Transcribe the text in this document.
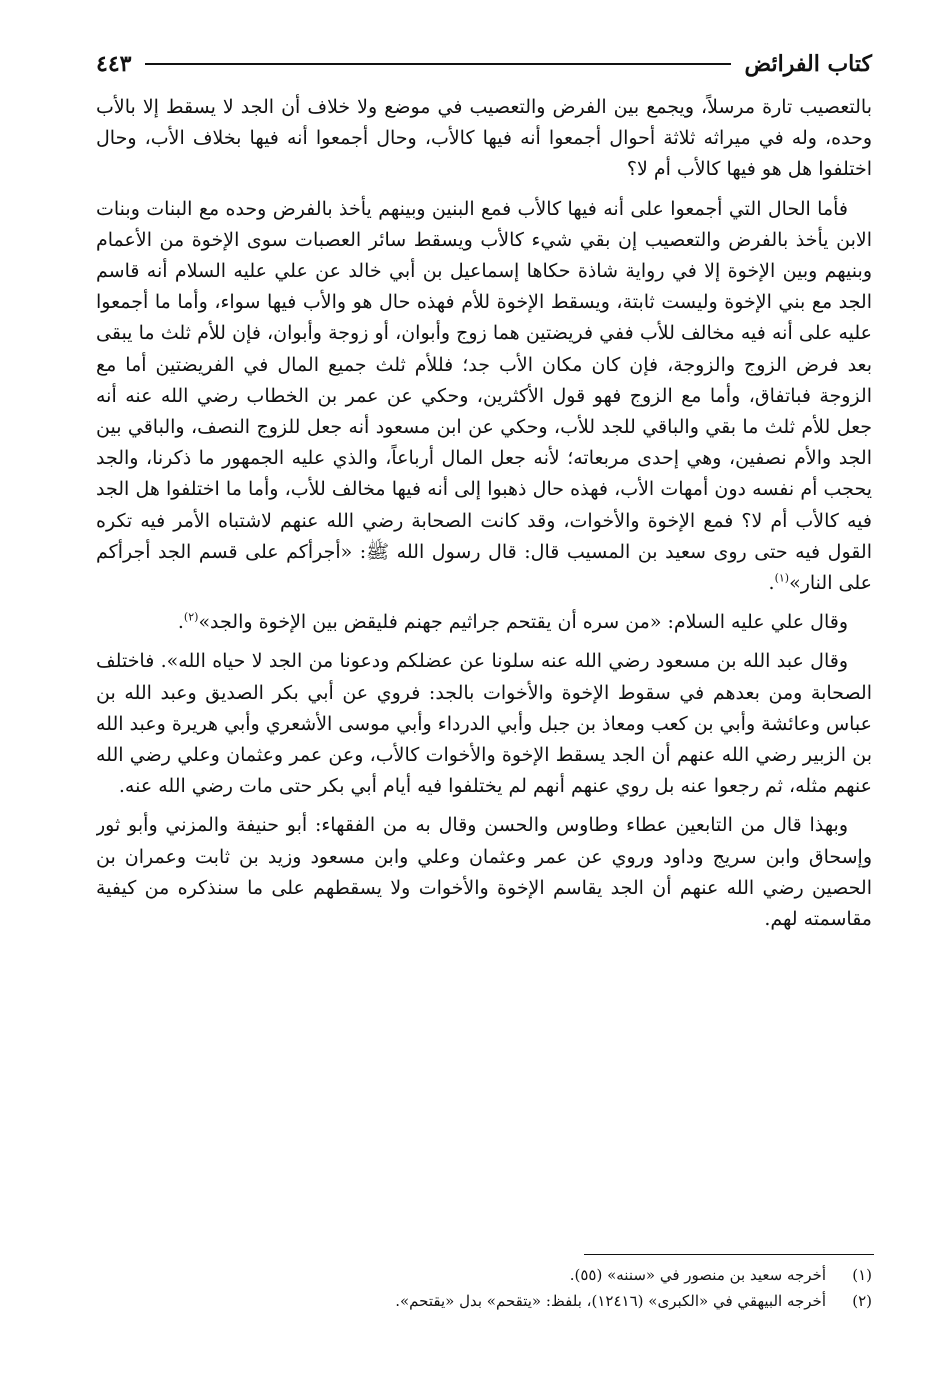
كتاب الفرائض
٤٤٣

بالتعصيب تارة مرسلاً، ويجمع بين الفرض والتعصيب في موضع ولا خلاف أن الجد لا يسقط إلا بالأب وحده، وله في ميراثه ثلاثة أحوال أجمعوا أنه فيها كالأب، وحال أجمعوا أنه فيها بخلاف الأب، وحال اختلفوا هل هو فيها كالأب أم لا؟

فأما الحال التي أجمعوا على أنه فيها كالأب فمع البنين وبينهم يأخذ بالفرض وحده مع البنات وبنات الابن يأخذ بالفرض والتعصيب إن بقي شيء كالأب ويسقط سائر العصبات سوى الإخوة من الأعمام وبنيهم وبين الإخوة إلا في رواية شاذة حكاها إسماعيل بن أبي خالد عن علي عليه السلام أنه قاسم الجد مع بني الإخوة وليست ثابتة، ويسقط الإخوة للأم فهذه حال هو والأب فيها سواء، وأما ما أجمعوا عليه على أنه فيه مخالف للأب ففي فريضتين هما زوج وأبوان، أو زوجة وأبوان، فإن للأم ثلث ما يبقى بعد فرض الزوج والزوجة، فإن كان مكان الأب جد؛ فللأم ثلث جميع المال في الفريضتين أما مع الزوجة فباتفاق، وأما مع الزوج فهو قول الأكثرين، وحكي عن عمر بن الخطاب رضي الله عنه أنه جعل للأم ثلث ما بقي والباقي للجد للأب، وحكي عن ابن مسعود أنه جعل للزوج النصف، والباقي بين الجد والأم نصفين، وهي إحدى مربعاته؛ لأنه جعل المال أرباعاً، والذي عليه الجمهور ما ذكرنا، والجد يحجب أم نفسه دون أمهات الأب، فهذه حال ذهبوا إلى أنه فيها مخالف للأب، وأما ما اختلفوا هل الجد فيه كالأب أم لا؟ فمع الإخوة والأخوات، وقد كانت الصحابة رضي الله عنهم لاشتباه الأمر فيه تكره القول فيه حتى روى سعيد بن المسيب قال: قال رسول الله ﷺ: «أجرأكم على قسم الجد أجرأكم على النار»$^{(١)}$.

وقال علي عليه السلام: «من سره أن يقتحم جراثيم جهنم فليقض بين الإخوة والجد»$^{(٢)}$.

وقال عبد الله بن مسعود رضي الله عنه سلونا عن عضلكم ودعونا من الجد لا حياه الله». فاختلف الصحابة ومن بعدهم في سقوط الإخوة والأخوات بالجد: فروي عن أبي بكر الصديق وعبد الله بن عباس وعائشة وأبي بن كعب ومعاذ بن جبل وأبي الدرداء وأبي موسى الأشعري وأبي هريرة وعبد الله بن الزبير رضي الله عنهم أن الجد يسقط الإخوة والأخوات كالأب، وعن عمر وعثمان وعلي رضي الله عنهم مثله، ثم رجعوا عنه بل روي عنهم أنهم لم يختلفوا فيه أيام أبي بكر حتى مات رضي الله عنه.

وبهذا قال من التابعين عطاء وطاوس والحسن وقال به من الفقهاء: أبو حنيفة والمزني وأبو ثور وإسحاق وابن سريج وداود وروي عن عمر وعثمان وعلي وابن مسعود وزيد بن ثابت وعمران بن الحصين رضي الله عنهم أن الجد يقاسم الإخوة والأخوات ولا يسقطهم على ما سنذكره من كيفية مقاسمته لهم.

(١)
أخرجه سعيد بن منصور في «سننه» (٥٥).
(٢)
أخرجه البيهقي في «الكبرى» (١٢٤١٦)، بلفظ: «يتقحم» بدل «يقتحم».
